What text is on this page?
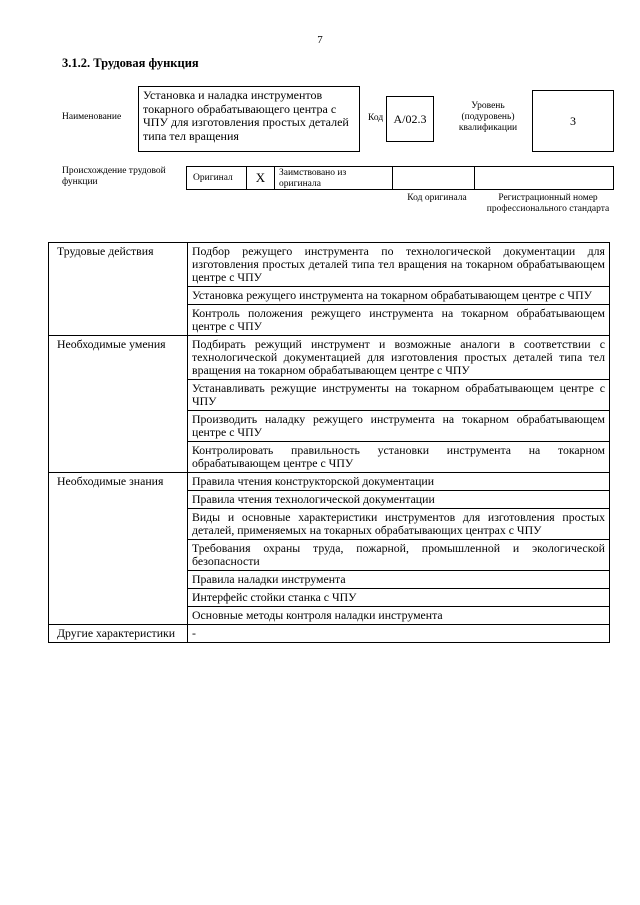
7
3.1.2. Трудовая функция
Наименование
Установка и наладка инструментов токарного обрабатывающего центра с ЧПУ для изготовления простых деталей типа тел вращения
Код А/02.3
Уровень (подуровень) квалификации
3
Происхождение трудовой функции	Оригинал	X	Заимствовано из оригинала
Код оригинала	Регистрационный номер профессионального стандарта
Трудовые действия	Подбор режущего инструмента по технологической документации для изготовления простых деталей типа тел вращения на токарном обрабатывающем центре с ЧПУ
	Установка режущего инструмента на токарном обрабатывающем центре с ЧПУ
	Контроль положения режущего инструмента на токарном обрабатывающем центре с ЧПУ
Необходимые умения	Подбирать режущий инструмент и возможные аналоги в соответствии с технологической документацией для изготовления простых деталей типа тел вращения на токарном обрабатывающем центре с ЧПУ
	Устанавливать режущие инструменты на токарном обрабатывающем центре с ЧПУ
	Производить наладку режущего инструмента на токарном обрабатывающем центре с ЧПУ
	Контролировать правильность установки инструмента на токарном обрабатывающем центре с ЧПУ
Необходимые знания	Правила чтения конструкторской документации
	Правила чтения технологической документации
	Виды и основные характеристики инструментов для изготовления простых деталей, применяемых на токарных обрабатывающих центрах с ЧПУ
	Требования охраны труда, пожарной, промышленной и экологической безопасности
	Правила наладки инструмента
	Интерфейс стойки станка с ЧПУ
	Основные методы контроля наладки инструмента
Другие характеристики	-
